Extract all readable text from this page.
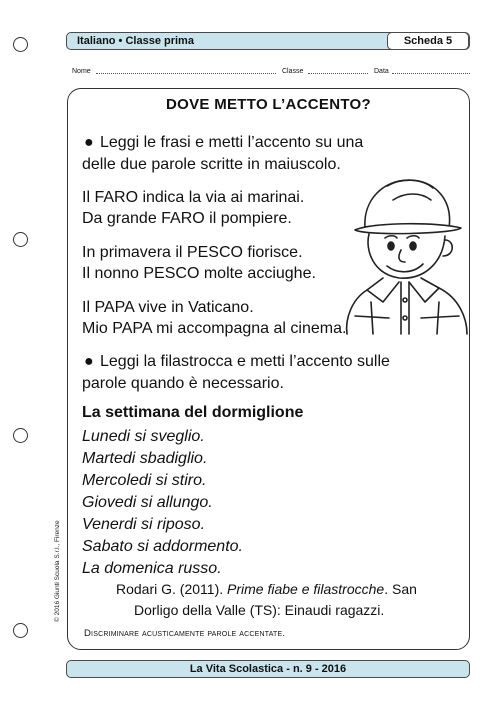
Italiano • Classe prima	Scheda 5
Nome	Classe	Data
DOVE METTO L’ACCENTO?
● Leggi le frasi e metti l’accento su una
delle due parole scritte in maiuscolo.
Il FARO indica la via ai marinai.
Da grande FARO il pompiere.
In primavera il PESCO fiorisce.
Il nonno PESCO molte acciughe.
Il PAPA vive in Vaticano.
Mio PAPA mi accompagna al cinema.
● Leggi la filastrocca e metti l’accento sulle
parole quando è necessario.
La settimana del dormiglione
Lunedi si sveglio.
Martedi sbadiglio.
Mercoledi si stiro.
Giovedi si allungo.
Venerdi si riposo.
Sabato si addormento.
La domenica russo.
Rodari G. (2011). Prime fiabe e filastrocche. San
Dorligo della Valle (TS): Einaudi ragazzi.
Discriminare acusticamente parole accentate.
© 2016 Giunti Scuola S.r.l., Firenze
La Vita Scolastica - n. 9 - 2016
